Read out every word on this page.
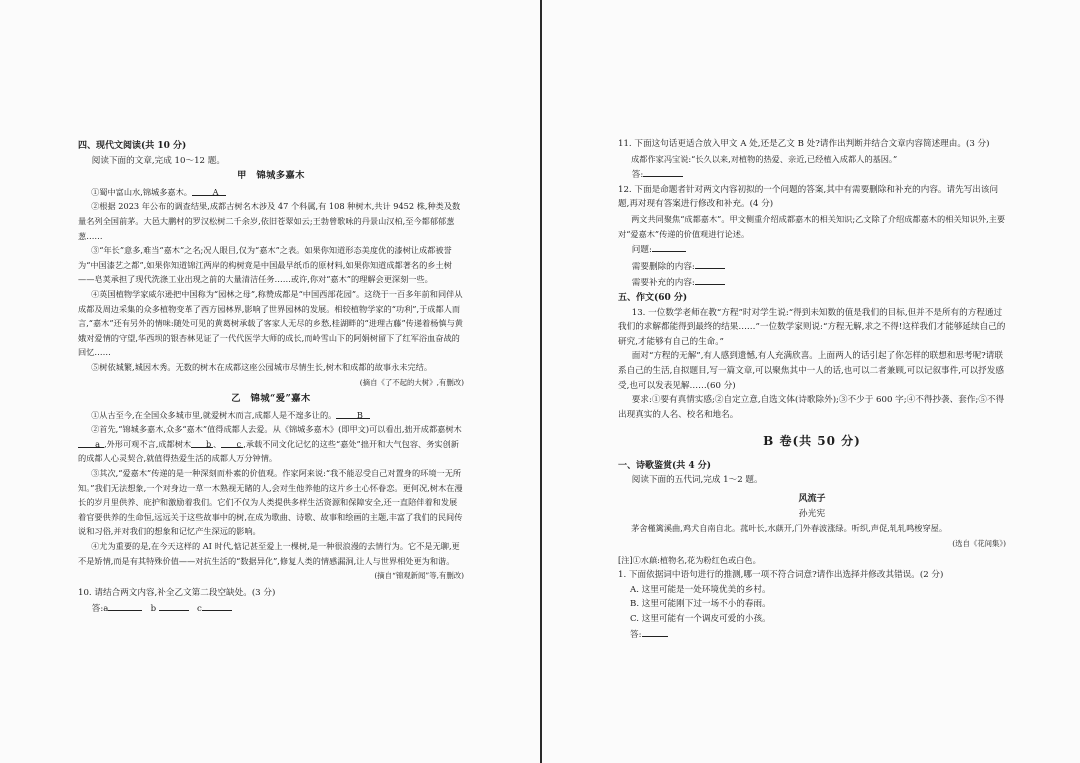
四、现代文阅读(共 10 分)

阅读下面的文章,完成 10～12 题。

甲　锦城多嘉木

①蜀中富山水,锦城多嘉木。	A

②根据 2023 年公布的调查结果,成都古树名木涉及 47 个科属,有 108 种树木,共计 9452 株,种类及数量名列全国前茅。大邑大鹏村的罗汉松树二千余岁,依旧苍翠如云;王勃曾歌咏的丹景山汉柏,至今都郁郁葱葱……

③“年长”意多,难当“嘉木”之名;况人眼目,仅为“嘉木”之表。如果你知道形态美度优的漆树让成都被誉为“中国漆艺之都”,如果你知道锦江两岸的构树竟是中国最早纸币的原材料,如果你知道成都著名的乡土树——皂荚承担了现代洗涤工业出现之前的大量清洁任务……或许,你对“嘉木”的理解会更深刻一些。

④英国植物学家威尔逊把中国称为“园林之母”,称赞成都是“中国西部花园”。这绕于一百多年前和同伴从成都及周边采集的众多植物变革了西方园林界,影响了世界园林的发展。相较植物学家的“功利”,于成都人而言,“嘉木”还有另外的情味:随处可见的黄葛树承载了客家人无尽的乡愁,桂湖畔的“进理古藤”传递着杨慎与黄娥对爱情的守望,华西坝的银杏林见证了一代代医学大师的成长,而岭雪山下的阿娟树留下了红军浴血奋战的回忆……

⑤树依城繁,城因木秀。无数的树木在成都这座公园城市尽情生长,树木和成都的故事永未完结。

(摘自《了不起的大树》,有删改)

乙　锦城“爱”嘉木

①从古至今,在全国众多城市里,就爱树木而言,成都人是不遑多让的。	B

②首先,“锦城多嘉木,众多“嘉木”值得成都人去爱。从《锦城多嘉木》(即甲文)可以看出,拙开成都嘉树木a ,外形可观不言,成都树木 b 、 c ,承载不同文化记忆的这些“嘉处”拙开和大气包容、务实创新的成都人心灵契合,就值得热爱生活的成都人万分钟情。

③其次,“爱嘉木”传递的是一种深刻而朴素的价值观。作家阿来说:“我不能忍受自己对置身的环境一无所知。”我们无法想象,一个对身边一草一木熟视无睹的人,会对生他养他的这片乡土心怀眷恋。更何况,树木在漫长的岁月里供养、庇护和激励着我们。它们不仅为人类提供多样生活资源和保障安全,还一直陪伴着和发展着官要供养的生命恒,远远关于这些故事中的树,在成为歌曲、诗歌、故事和绘画的主题,丰富了我们的民间传说和习俗,并对我们的想象和记忆产生深远的影响。

④尤为重要的是,在今天这样的 AI 时代,惦记甚至爱上一棵树,是一种很浪漫的去情行为。它不是无聊,更不是矫情,而是有其特殊价值——对抗生活的“数据异化”,修复人类的情感漏洞,让人与世界相处更为和谐。

(摘自“锦观新闻”等,有删改)

10. 请结合两文内容,补全乙文第二段空缺处。(3 分)

答:a	b	c

11. 下面这句话更适合放入甲文 A 处,还是乙文 B 处?请作出判断并结合文章内容简述理由。(3 分)

成都作家冯宝说:“长久以来,对植物的热爱、亲近,已经植入成都人的基因。”

答:

12. 下面是命题者针对两文内容初拟的一个问题的答案,其中有需要删除和补充的内容。请先写出该问题,再对现有答案进行修改和补充。(4 分)

两文共同聚焦“成都嘉木”。甲文侧重介绍成都嘉木的相关知识;乙文除了介绍成都嘉木的相关知识外,主要对“爱嘉木”传递的价值观进行论述。

问题:

需要删除的内容:

需要补充的内容:

五、作文(60 分)

13. 一位数学老师在教“方程”时对学生说:“得到未知数的值是我们的目标,但并不是所有的方程通过我们的求解都能得到最终的结果……”一位数学家则说:“方程无解,求之不得!这样我们才能够延续自己的研究,才能够有自己的生命。”

面对“方程的无解”,有人感到遗憾,有人充满欣喜。上面两人的话引起了你怎样的联想和思考呢?请联系自己的生活,自拟题目,写一篇文章,可以聚焦其中一人的话,也可以二者兼顾,可以记叙事件,可以抒发感受,也可以发表见解……(60 分)

要求:①要有真情实感;②自定立意,自选文体(诗歌除外);③不少于 600 字;④不得抄袭、套作;⑤不得出现真实的人名、校名和地名。

B 卷(共 50 分)

一、诗歌鉴赏(共 4 分)

阅读下面的五代词,完成 1～2 题。

风流子

孙光宪

茅舍槿篱溪曲,鸡犬自南自北。菰叶长,水蕻开,门外春波涨绿。听织,声促,轧轧鸣梭穿屋。

(选自《花间集》)

[注]①水蕻:植物名,花为粉红色或白色。

1. 下面依据词中语句进行的推测,哪一项不符合词意?请作出选择并修改其错误。(2 分)

A. 这里可能是一处环境优美的乡村。

B. 这里可能刚下过一场不小的春雨。

C. 这里可能有一个调皮可爱的小孩。

答:
